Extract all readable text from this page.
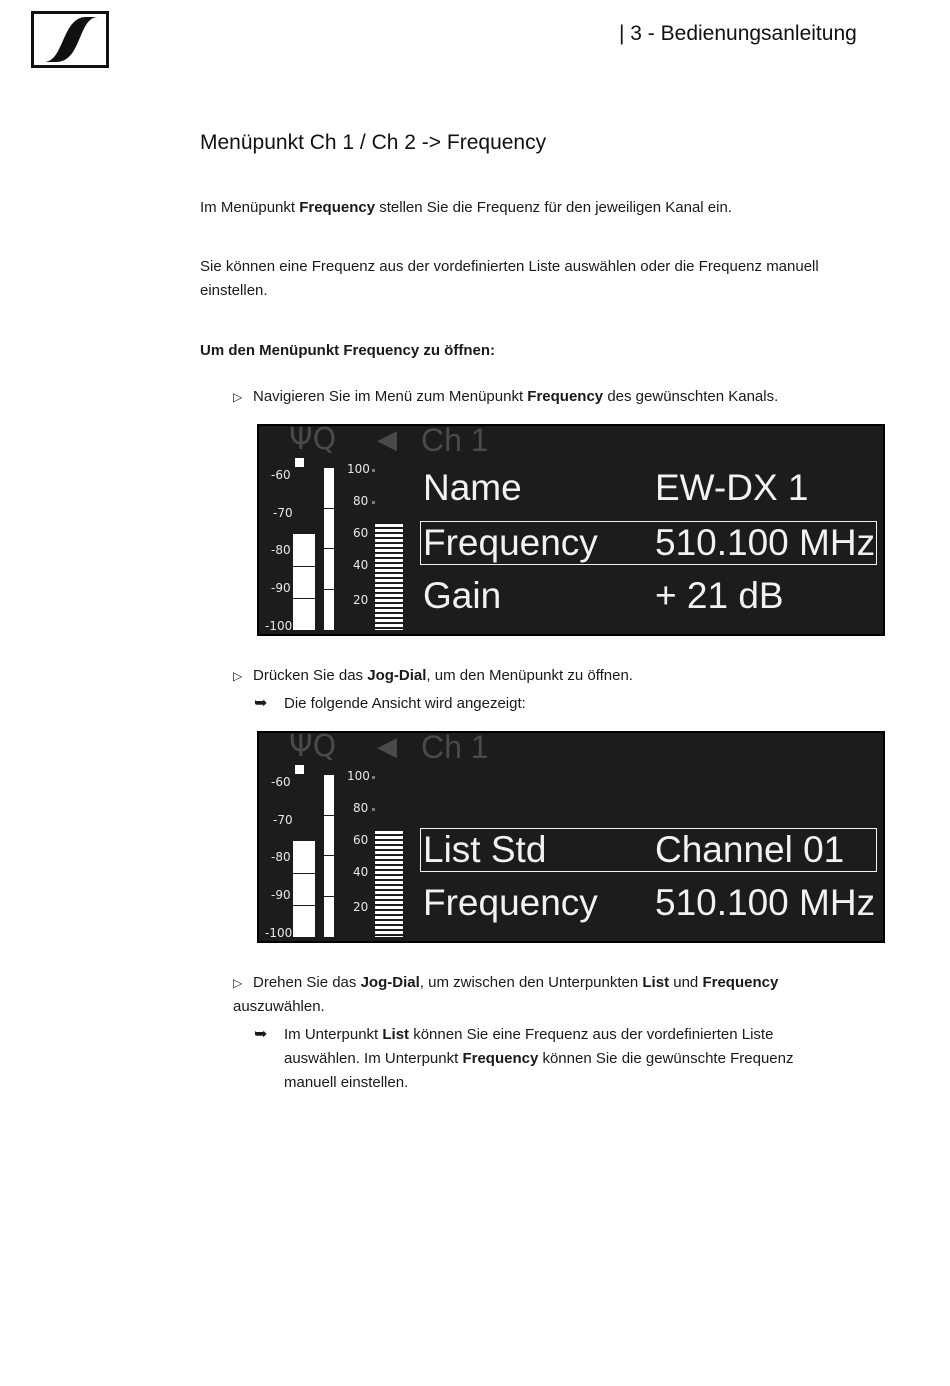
| 3 - Bedienungsanleitung
Menüpunkt Ch 1 / Ch 2 -> Frequency
Im Menüpunkt Frequency stellen Sie die Frequenz für den jeweiligen Kanal ein.
Sie können eine Frequenz aus der vordefinierten Liste auswählen oder die Frequenz manuell einstellen.
Um den Menüpunkt Frequency zu öffnen:
▷ Navigieren Sie im Menü zum Menüpunkt Frequency des gewünschten Kanals.
ΨQ ◀ Ch 1
-60
-70
-80
-90
-100
100
80
60
40
20
Name	EW-DX 1
Frequency 510.100 MHz
Gain	+ 21 dB
▷ Drücken Sie das Jog-Dial, um den Menüpunkt zu öffnen.
➥	Die folgende Ansicht wird angezeigt:
ΨQ ◀ Ch 1
-60
-70
-80
-90
-100
100
80
60
40
20
List Std	Channel 01
Frequency 510.100 MHz
▷ Drehen Sie das Jog-Dial, um zwischen den Unterpunkten List und Frequency auszuwählen.
➥	Im Unterpunkt List können Sie eine Frequenz aus der vordefinierten Liste auswählen. Im Unterpunkt Frequency können Sie die gewünschte Frequenz manuell einstellen.
